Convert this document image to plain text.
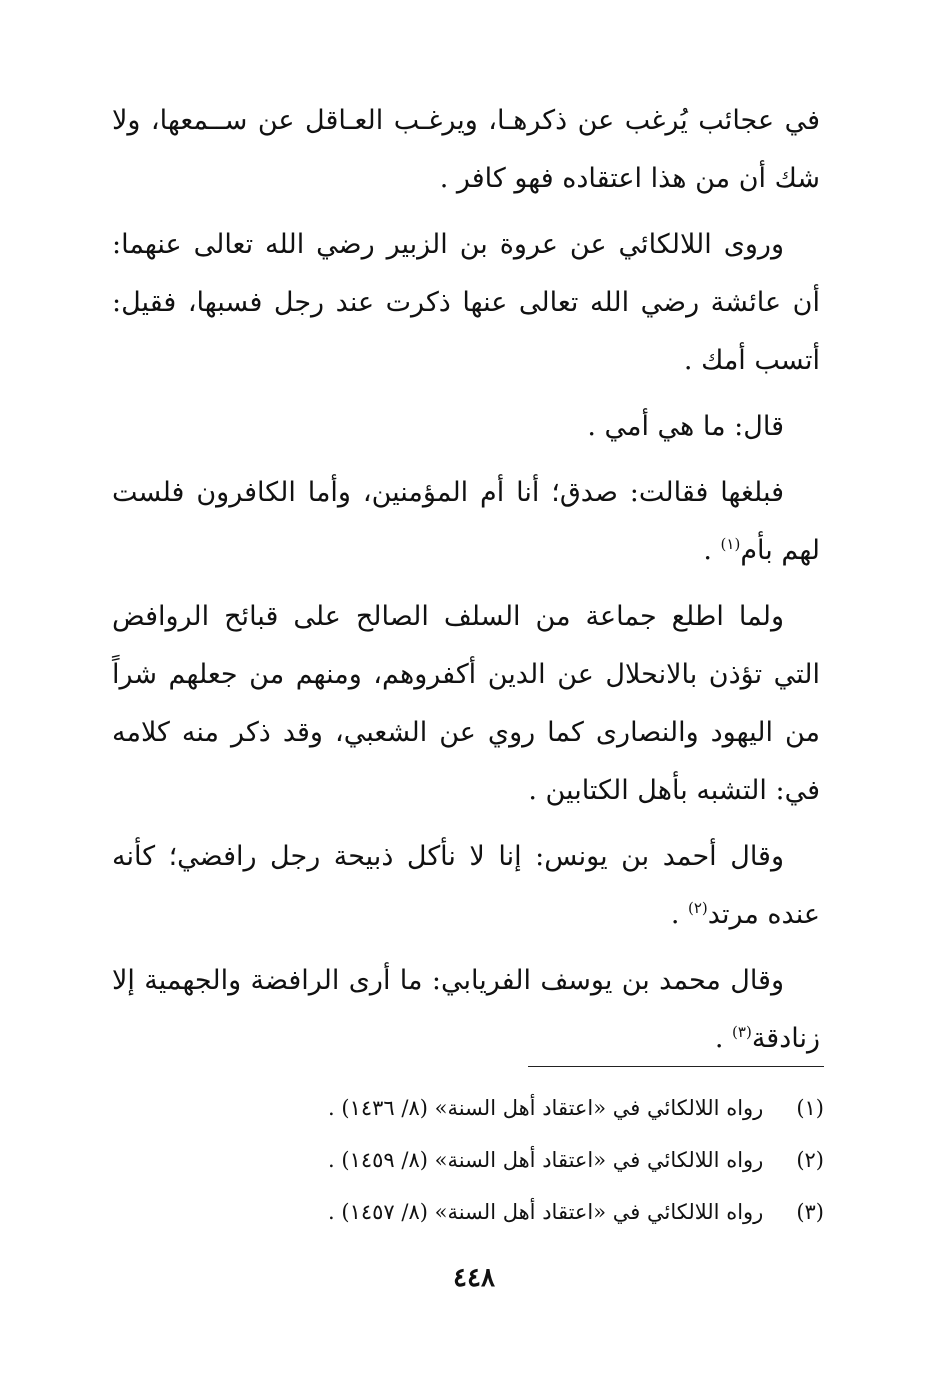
في عجائب يُرغب عن ذكرهـا، ويرغـب العـاقل عن ســمعها، ولا شك أن من هذا اعتقاده فهو كافر .

وروى اللالكائي عن عروة بن الزبير رضي الله تعالى عنهما: أن عائشة رضي الله تعالى عنها ذكرت عند رجل فسبها، فقيل: أتسب أمك .

قال: ما هي أمي .

فبلغها فقالت: صدق؛ أنا أم المؤمنين، وأما الكافرون فلست لهم بأم$^{(١)}$ .

ولما اطلع جماعة من السلف الصالح على قبائح الروافض التي تؤذن بالانحلال عن الدين أكفروهم، ومنهم من جعلهم شراً من اليهود والنصارى كما روي عن الشعبي، وقد ذكر منه كلامه في: التشبه بأهل الكتابين .

وقال أحمد بن يونس: إنا لا نأكل ذبيحة رجل رافضي؛ كأنه عنده مرتد$^{(٢)}$ .

وقال محمد بن يوسف الفريابي: ما أرى الرافضة والجهمية إلا زنادقة$^{(٣)}$ .

(١) رواه اللالكائي في «اعتقاد أهل السنة» (٨/ ١٤٣٦) .
(٢) رواه اللالكائي في «اعتقاد أهل السنة» (٨/ ١٤٥٩) .
(٣) رواه اللالكائي في «اعتقاد أهل السنة» (٨/ ١٤٥٧) .
٤٤٨
